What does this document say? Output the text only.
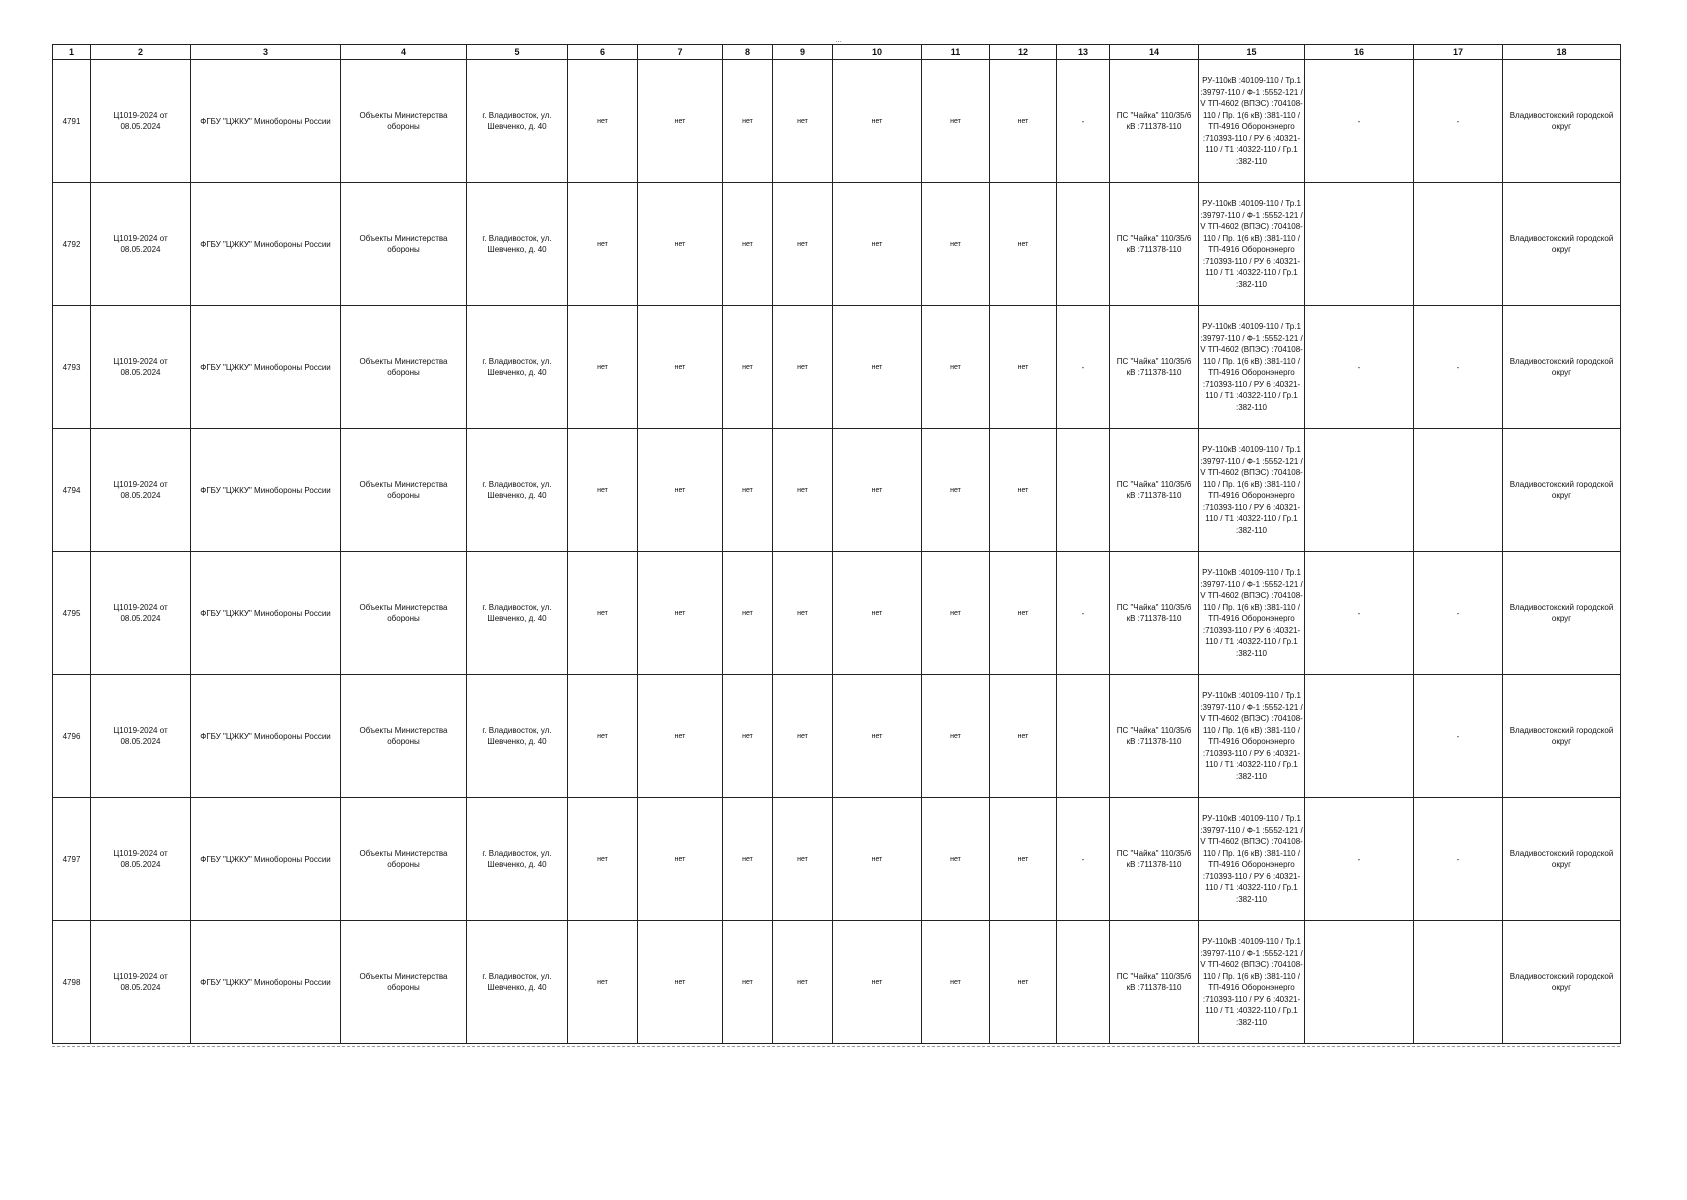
...
1	2	3	4	5	6	7	8	9	10	11	12	13	14	15	16	17	18
4791	Ц1019-2024 от 08.05.2024	ФГБУ "ЦЖКУ" Минобороны России	Объекты Министерства обороны	г. Владивосток, ул. Шевченко, д. 40	нет	нет	нет	нет	нет	нет	нет	-	ПС "Чайка" 110/35/6 кВ :711378-110	РУ-110кВ :40109-110 / Тр.1 :39797-110 / Ф-1 :5552-121 / V ТП-4602 (ВПЭС) :704108-110 / Пр. 1(6 кВ) :381-110 / ТП-4916 Оборонэнерго :710393-110 / РУ 6 :40321-110 / Т1 :40322-110 / Гр.1 :382-110	-	-	Владивостокский городской округ
4792	Ц1019-2024 от 08.05.2024	ФГБУ "ЦЖКУ" Минобороны России	Объекты Министерства обороны	г. Владивосток, ул. Шевченко, д. 40	нет	нет	нет	нет	нет	нет	нет		ПС "Чайка" 110/35/6 кВ :711378-110	РУ-110кВ :40109-110 / Тр.1 :39797-110 / Ф-1 :5552-121 / V ТП-4602 (ВПЭС) :704108-110 / Пр. 1(6 кВ) :381-110 / ТП-4916 Оборонэнерго :710393-110 / РУ 6 :40321-110 / Т1 :40322-110 / Гр.1 :382-110			Владивостокский городской округ
4793	Ц1019-2024 от 08.05.2024	ФГБУ "ЦЖКУ" Минобороны России	Объекты Министерства обороны	г. Владивосток, ул. Шевченко, д. 40	нет	нет	нет	нет	нет	нет	нет	-	ПС "Чайка" 110/35/6 кВ :711378-110	РУ-110кВ :40109-110 / Тр.1 :39797-110 / Ф-1 :5552-121 / V ТП-4602 (ВПЭС) :704108-110 / Пр. 1(6 кВ) :381-110 / ТП-4916 Оборонэнерго :710393-110 / РУ 6 :40321-110 / Т1 :40322-110 / Гр.1 :382-110	-	-	Владивостокский городской округ
4794	Ц1019-2024 от 08.05.2024	ФГБУ "ЦЖКУ" Минобороны России	Объекты Министерства обороны	г. Владивосток, ул. Шевченко, д. 40	нет	нет	нет	нет	нет	нет	нет		ПС "Чайка" 110/35/6 кВ :711378-110	РУ-110кВ :40109-110 / Тр.1 :39797-110 / Ф-1 :5552-121 / V ТП-4602 (ВПЭС) :704108-110 / Пр. 1(6 кВ) :381-110 / ТП-4916 Оборонэнерго :710393-110 / РУ 6 :40321-110 / Т1 :40322-110 / Гр.1 :382-110			Владивостокский городской округ
4795	Ц1019-2024 от 08.05.2024	ФГБУ "ЦЖКУ" Минобороны России	Объекты Министерства обороны	г. Владивосток, ул. Шевченко, д. 40	нет	нет	нет	нет	нет	нет	нет	-	ПС "Чайка" 110/35/6 кВ :711378-110	РУ-110кВ :40109-110 / Тр.1 :39797-110 / Ф-1 :5552-121 / V ТП-4602 (ВПЭС) :704108-110 / Пр. 1(6 кВ) :381-110 / ТП-4916 Оборонэнерго :710393-110 / РУ 6 :40321-110 / Т1 :40322-110 / Гр.1 :382-110	-	-	Владивостокский городской округ
4796	Ц1019-2024 от 08.05.2024	ФГБУ "ЦЖКУ" Минобороны России	Объекты Министерства обороны	г. Владивосток, ул. Шевченко, д. 40	нет	нет	нет	нет	нет	нет	нет		ПС "Чайка" 110/35/6 кВ :711378-110	РУ-110кВ :40109-110 / Тр.1 :39797-110 / Ф-1 :5552-121 / V ТП-4602 (ВПЭС) :704108-110 / Пр. 1(6 кВ) :381-110 / ТП-4916 Оборонэнерго :710393-110 / РУ 6 :40321-110 / Т1 :40322-110 / Гр.1 :382-110		-	Владивостокский городской округ
4797	Ц1019-2024 от 08.05.2024	ФГБУ "ЦЖКУ" Минобороны России	Объекты Министерства обороны	г. Владивосток, ул. Шевченко, д. 40	нет	нет	нет	нет	нет	нет	нет	-	ПС "Чайка" 110/35/6 кВ :711378-110	РУ-110кВ :40109-110 / Тр.1 :39797-110 / Ф-1 :5552-121 / V ТП-4602 (ВПЭС) :704108-110 / Пр. 1(6 кВ) :381-110 / ТП-4916 Оборонэнерго :710393-110 / РУ 6 :40321-110 / Т1 :40322-110 / Гр.1 :382-110	-	-	Владивостокский городской округ
4798	Ц1019-2024 от 08.05.2024	ФГБУ "ЦЖКУ" Минобороны России	Объекты Министерства обороны	г. Владивосток, ул. Шевченко, д. 40	нет	нет	нет	нет	нет	нет	нет		ПС "Чайка" 110/35/6 кВ :711378-110	РУ-110кВ :40109-110 / Тр.1 :39797-110 / Ф-1 :5552-121 / V ТП-4602 (ВПЭС) :704108-110 / Пр. 1(6 кВ) :381-110 / ТП-4916 Оборонэнерго :710393-110 / РУ 6 :40321-110 / Т1 :40322-110 / Гр.1 :382-110			Владивостокский городской округ
